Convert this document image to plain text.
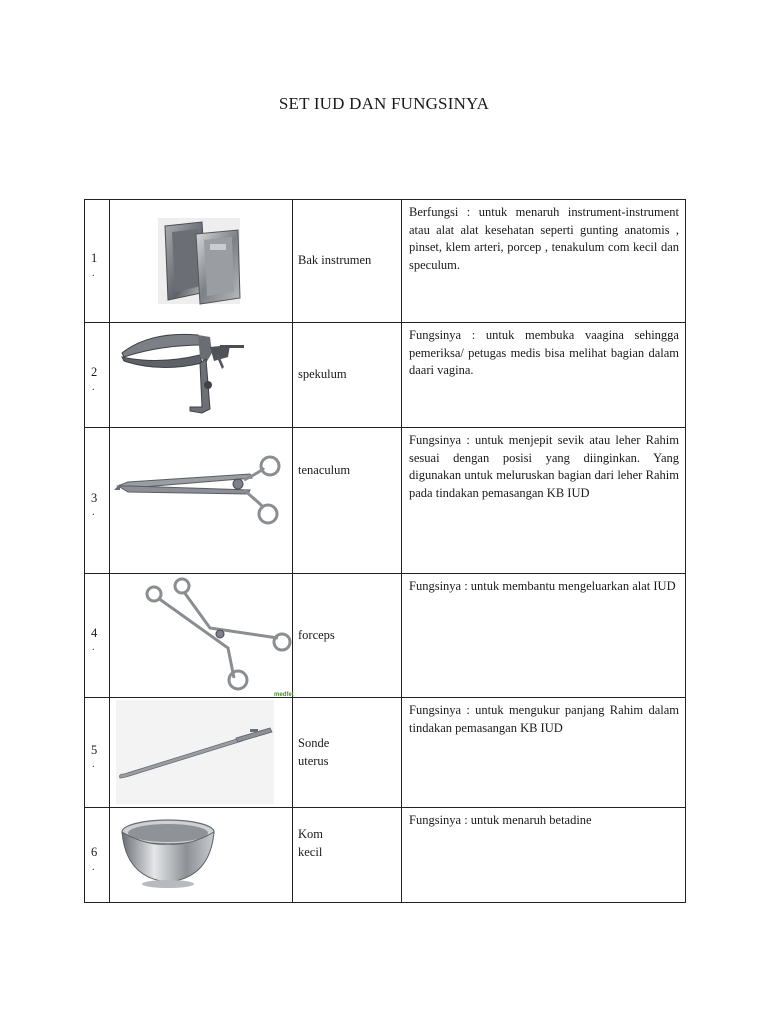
SET IUD DAN FUNGSINYA
1
.		Bak instrumen	Berfungsi : untuk menaruh instrument-instrument atau alat alat kesehatan seperti gunting anatomis , pinset, klem arteri, porcep , tenakulum com kecil dan speculum.

2
.		spekulum	Fungsinya : untuk membuka vaagina sehingga pemeriksa/ petugas medis bisa melihat bagian dalam daari vagina.

3
.		tenaculum	Fungsinya : untuk menjepit sevik atau leher Rahim sesuai dengan posisi yang diinginkan. Yang digunakan untuk meluruskan bagian dari leher Rahim pada tindakan pemasangan KB IUD

4
.	medfet	forceps	Fungsinya : untuk membantu mengeluarkan alat IUD

5
.		Sonde
uterus	Fungsinya : untuk mengukur panjang Rahim dalam tindakan pemasangan KB IUD

6
.		Kom
kecil	Fungsinya : untuk menaruh betadine
